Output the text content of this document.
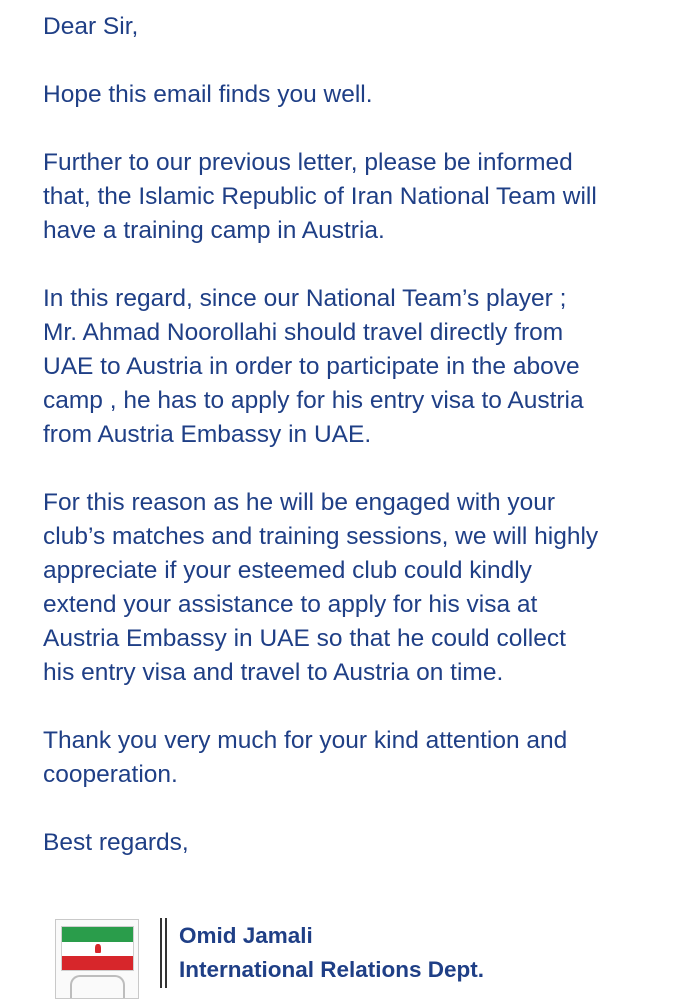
Dear Sir,

Hope this email finds you well.

Further to our previous letter, please be informed
that, the Islamic Republic of Iran National Team will
have a training camp in Austria.

In this regard, since our National Team’s player ;
Mr. Ahmad Noorollahi should travel directly from
UAE to Austria in order to participate in the above
camp , he has to apply for his entry visa to Austria
from Austria Embassy in UAE.

For this reason as he will be engaged with your
club’s matches and training sessions, we will highly
appreciate if your esteemed club could kindly
extend your assistance to apply for his visa at
Austria Embassy in UAE so that he could collect
his entry visa and travel to Austria on time.

Thank you very much for your kind attention and
cooperation.

Best regards,

Omid Jamali
International Relations Dept.
